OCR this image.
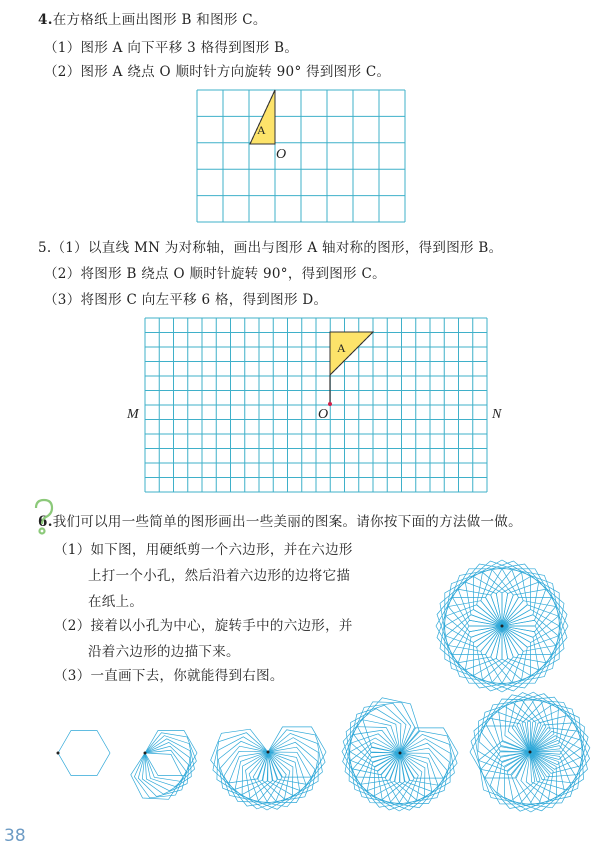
4.在方格纸上画出图形 B 和图形 C。
（1）图形 A 向下平移 3 格得到图形 B。
（2）图形 A 绕点 O 顺时针方向旋转 90° 得到图形 C。
5.（1）以直线 MN 为对称轴，画出与图形 A 轴对称的图形，得到图形 B。
（2）将图形 B 绕点 O 顺时针旋转 90°，得到图形 C。
（3）将图形 C 向左平移 6 格，得到图形 D。
6.我们可以用一些简单的图形画出一些美丽的图案。请你按下面的方法做一做。
（1）如下图，用硬纸剪一个六边形，并在六边形
上打一个小孔，然后沿着六边形的边将它描
在纸上。
（2）接着以小孔为中心，旋转手中的六边形，并
沿着六边形的边描下来。
（3）一直画下去，你就能得到右图。
38
A
O
A
O
M	N
